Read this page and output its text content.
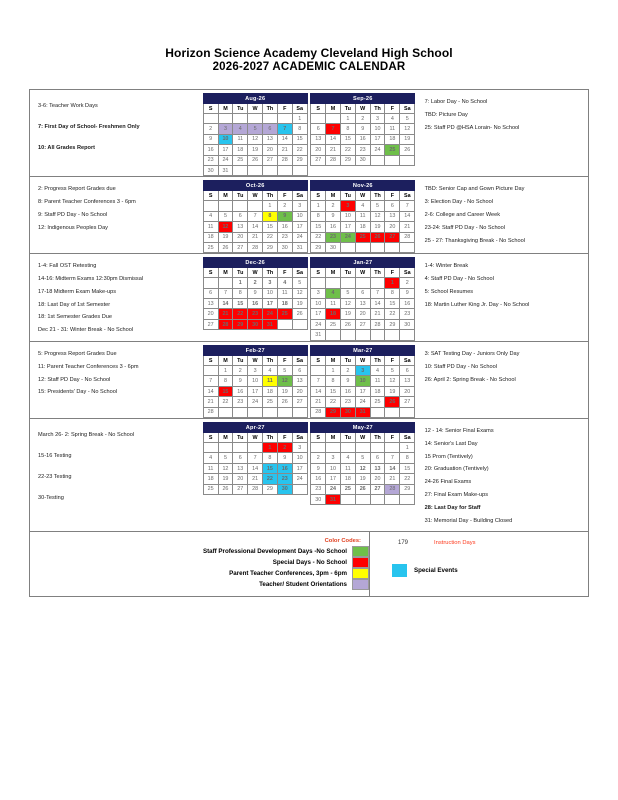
Horizon Science Academy Cleveland High School
2026-2027 ACADEMIC CALENDAR
3-6: Teacher Work Days
7: First Day of School- Freshmen Only
10: All Grades Report
Aug-26						
S	M	Tu	W	Th	F	Sa
						1
2	3	4	5	6	7	8
9	10	11	12	13	14	15
16	17	18	19	20	21	22
23	24	25	26	27	28	29
30	31					
Sep-26						
S	M	Tu	W	Th	F	Sa
		1	2	3	4	5
6	7	8	9	10	11	12
13	14	15	16	17	18	19
20	21	22	23	24	25	26
27	28	29	30			
7: Labor Day - No School
TBD: Picture Day
25: Staff PD @HSA Lorain- No School
2: Progress Report Grades due
8: Parent Teacher Conferences 3 - 6pm
9: Staff PD Day - No School
12: Indigenous Peoples Day
Oct-26						
S	M	Tu	W	Th	F	Sa
				1	2	3
4	5	6	7	8	9	10
11	12	13	14	15	16	17
18	19	20	21	22	23	24
25	26	27	28	29	30	31
Nov-26						
S	M	Tu	W	Th	F	Sa
1	2	3	4	5	6	7
8	9	10	11	12	13	14
15	16	17	18	19	20	21
22	23	24	25	26	27	28
29	30					
TBD: Senior Cap and Gown Picture Day
3: Election Day - No School
2-6: College and Career Week
23-24: Staff PD Day - No School
25 - 27: Thanksgiving Break - No School
1-4: Fall OST Retesting
14-16: Midterm Exams 12:30pm Dismissal
17-18 Midterm Exam Make-ups
18: Last Day of 1st Semester
18: 1st Semester Grades Due
Dec 21 - 31: Winter Break - No School
Dec-26						
S	M	Tu	W	Th	F	Sa
		1	2	3	4	5
6	7	8	9	10	11	12
13	14	15	16	17	18	19
20	21	22	23	24	25	26
27	28	29	30	31		
Jan-27						
S	M	Tu	W	Th	F	Sa
					1	2
3	4	5	6	7	8	9
10	11	12	13	14	15	16
17	18	19	20	21	22	23
24	25	26	27	28	29	30
31						
1-4: Winter Break
4: Staff PD Day - No School
5: School Resumes
18: Martin Luther King Jr. Day - No School
5: Progress Report Grades Due
11: Parent Teacher Conferences 3 - 6pm
12: Staff PD Day - No School
15: Presidents' Day - No School
Feb-27						
S	M	Tu	W	Th	F	Sa
	1	2	3	4	5	6
7	8	9	10	11	12	13
14	15	16	17	18	19	20
21	22	23	24	25	26	27
28						
Mar-27						
S	M	Tu	W	Th	F	Sa
	1	2	3	4	5	6
7	8	9	10	11	12	13
14	15	16	17	18	19	20
21	22	23	24	25	26	27
28	29	30	31			
3: SAT Testing Day - Juniors Only Day
10: Staff PD Day - No School
26: April 2: Spring Break - No School
March 26- 2: Spring Break - No School
15-16 Testing
22-23 Testing
30-Testing
Apr-27						
S	M	Tu	W	Th	F	Sa
				1	2	3
4	5	6	7	8	9	10
11	12	13	14	15	16	17
18	19	20	21	22	23	24
25	26	27	28	29	30	
May-27						
S	M	Tu	W	Th	F	Sa
						1
2	3	4	5	6	7	8
9	10	11	12	13	14	15
16	17	18	19	20	21	22
23	24	25	26	27	28	29
30	31					
12 - 14: Senior Final Exams
14: Senior's Last Day
15 Prom (Tentively)
20: Graduation (Tentively)
24-26 Final Exams
27: Final Exam Make-ups
28: Last Day for Staff
31: Memorial Day - Building Closed
Color Codes:
Staff Professional Development Days -No School
Special Days - No School
Parent Teacher Conferences, 3pm - 6pm
Teacher/ Student Orientations
179	Instruction Days
Special Events
